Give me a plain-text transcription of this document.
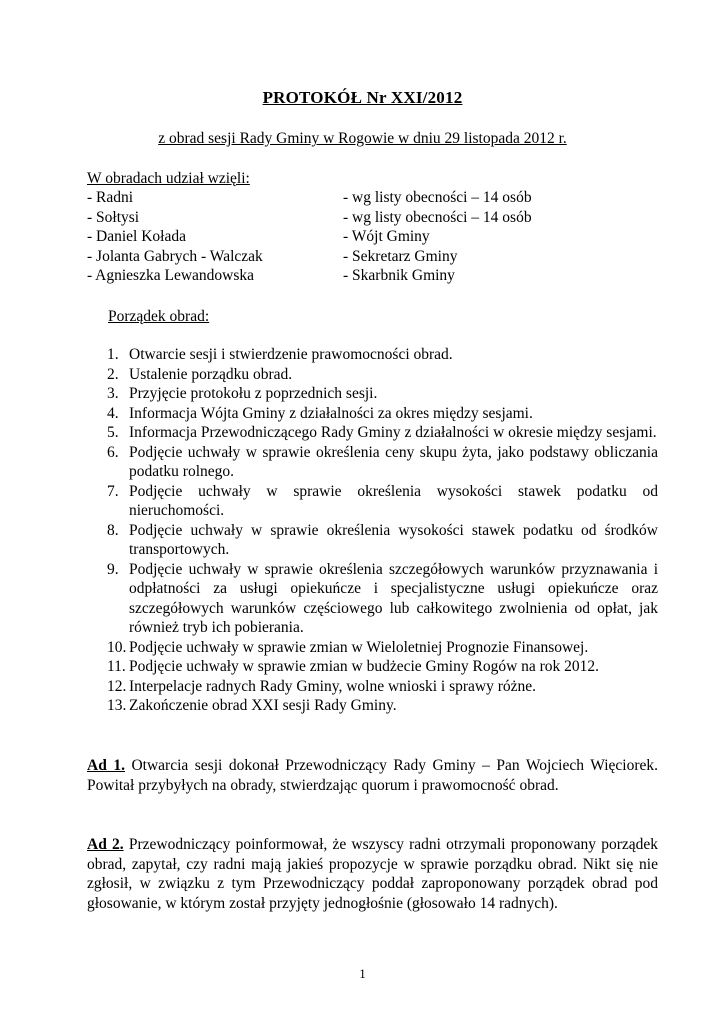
PROTOKÓŁ Nr XXI/2012
z obrad sesji Rady Gminy w Rogowie w dniu 29 listopada 2012 r.
W obradach udział wzięli:
- Radni	- wg listy obecności – 14 osób
- Sołtysi	- wg listy obecności – 14 osób
- Daniel Kołada	- Wójt Gminy
- Jolanta Gabrych - Walczak	- Sekretarz Gminy
- Agnieszka Lewandowska	- Skarbnik Gminy
Porządek obrad:
1. Otwarcie sesji i stwierdzenie prawomocności obrad.
2. Ustalenie porządku obrad.
3. Przyjęcie protokołu z poprzednich sesji.
4. Informacja Wójta Gminy z działalności za okres między sesjami.
5. Informacja Przewodniczącego Rady Gminy z działalności w okresie między sesjami.
6. Podjęcie uchwały w sprawie określenia ceny skupu żyta, jako podstawy obliczania podatku rolnego.
7. Podjęcie uchwały w sprawie określenia wysokości stawek podatku od nieruchomości.
8. Podjęcie uchwały w sprawie określenia wysokości stawek podatku od środków transportowych.
9. Podjęcie uchwały w sprawie określenia szczegółowych warunków przyznawania i odpłatności za usługi opiekuńcze i specjalistyczne usługi opiekuńcze oraz szczegółowych warunków częściowego lub całkowitego zwolnienia od opłat, jak również tryb ich pobierania.
10. Podjęcie uchwały w sprawie zmian w Wieloletniej Prognozie Finansowej.
11. Podjęcie uchwały w sprawie zmian w budżecie Gminy Rogów na rok 2012.
12. Interpelacje radnych Rady Gminy, wolne wnioski i sprawy różne.
13. Zakończenie obrad XXI sesji Rady Gminy.

Ad 1. Otwarcia sesji dokonał Przewodniczący Rady Gminy – Pan Wojciech Więciorek. Powitał przybyłych na obrady, stwierdzając quorum i prawomocność obrad.

Ad 2. Przewodniczący poinformował, że wszyscy radni otrzymali proponowany porządek obrad, zapytał, czy radni mają jakieś propozycje w sprawie porządku obrad. Nikt się nie zgłosił, w związku z tym Przewodniczący poddał zaproponowany porządek obrad pod głosowanie, w którym został przyjęty jednogłośnie (głosowało 14 radnych).

1
